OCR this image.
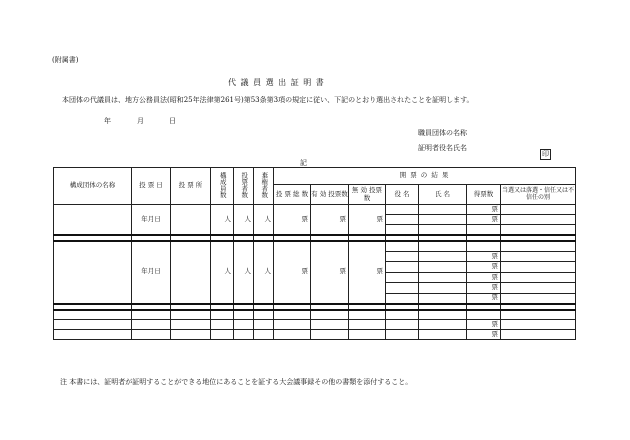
(附属書)
代 議 員 選 出 証 明 書
本団体の代議員は、地方公務員法(昭和25年法律第261号)第53条第3項の規定に従い、下記のとおり選出されたことを証明します。
年	月	日
職員団体の名称
証明者役名氏名
印
記
構成団体の名称	投 票 日	投 票 所	構成員数	投票者数	棄権者数	開 票 の 結 果						
						投 票 総 数	有 効 投票数	無 効 投票数	役 名	氏 名	得票数	当選又は落選・信任又は不信任の別
	年月日		人	人	人	票	票	票			票	
											票	

	年月日		人	人	人	票	票	票				
											票	
											票	
											票	
											票	
											票	

											票	
											票	
注 本書には、証明者が証明することができる地位にあることを証する大会議事録その他の書類を添付すること。
